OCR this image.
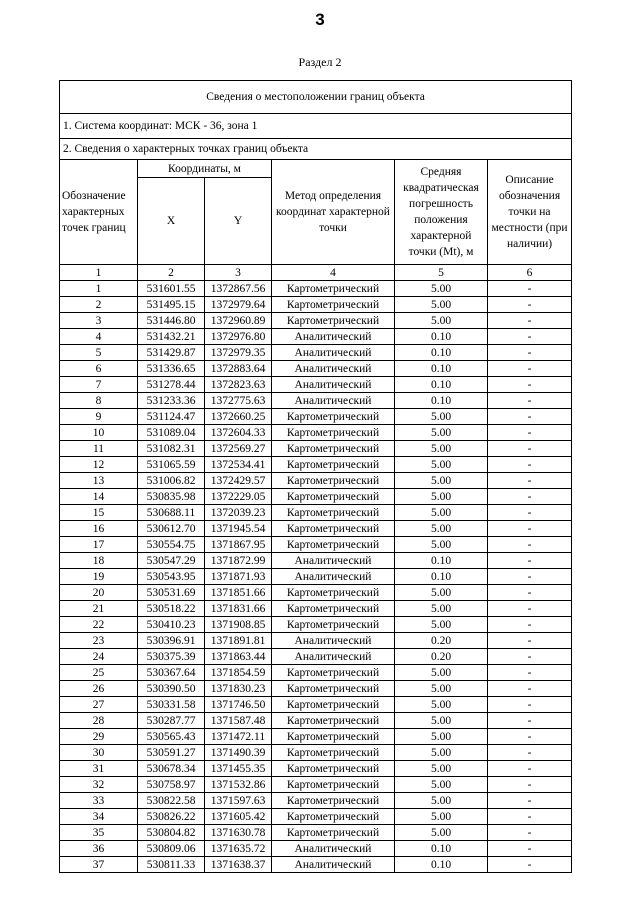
3
Раздел 2
Сведения о местоположении границ объекта					
1. Система координат: МСК - 36, зона 1					
2. Сведения о характерных точках границ объекта					
Обозначение характерных точек границ	Координаты, м		Метод определения координат характерной точки	Средняя квадратическая погрешность положения характерной точки (Mt), м	Описание обозначения точки на местности (при наличии)
	X	Y			
1	2	3	4	5	6
1	531601.55	1372867.56	Картометрический	5.00	-
2	531495.15	1372979.64	Картометрический	5.00	-
3	531446.80	1372960.89	Картометрический	5.00	-
4	531432.21	1372976.80	Аналитический	0.10	-
5	531429.87	1372979.35	Аналитический	0.10	-
6	531336.65	1372883.64	Аналитический	0.10	-
7	531278.44	1372823.63	Аналитический	0.10	-
8	531233.36	1372775.63	Аналитический	0.10	-
9	531124.47	1372660.25	Картометрический	5.00	-
10	531089.04	1372604.33	Картометрический	5.00	-
11	531082.31	1372569.27	Картометрический	5.00	-
12	531065.59	1372534.41	Картометрический	5.00	-
13	531006.82	1372429.57	Картометрический	5.00	-
14	530835.98	1372229.05	Картометрический	5.00	-
15	530688.11	1372039.23	Картометрический	5.00	-
16	530612.70	1371945.54	Картометрический	5.00	-
17	530554.75	1371867.95	Картометрический	5.00	-
18	530547.29	1371872.99	Аналитический	0.10	-
19	530543.95	1371871.93	Аналитический	0.10	-
20	530531.69	1371851.66	Картометрический	5.00	-
21	530518.22	1371831.66	Картометрический	5.00	-
22	530410.23	1371908.85	Картометрический	5.00	-
23	530396.91	1371891.81	Аналитический	0.20	-
24	530375.39	1371863.44	Аналитический	0.20	-
25	530367.64	1371854.59	Картометрический	5.00	-
26	530390.50	1371830.23	Картометрический	5.00	-
27	530331.58	1371746.50	Картометрический	5.00	-
28	530287.77	1371587.48	Картометрический	5.00	-
29	530565.43	1371472.11	Картометрический	5.00	-
30	530591.27	1371490.39	Картометрический	5.00	-
31	530678.34	1371455.35	Картометрический	5.00	-
32	530758.97	1371532.86	Картометрический	5.00	-
33	530822.58	1371597.63	Картометрический	5.00	-
34	530826.22	1371605.42	Картометрический	5.00	-
35	530804.82	1371630.78	Картометрический	5.00	-
36	530809.06	1371635.72	Аналитический	0.10	-
37	530811.33	1371638.37	Аналитический	0.10	-
